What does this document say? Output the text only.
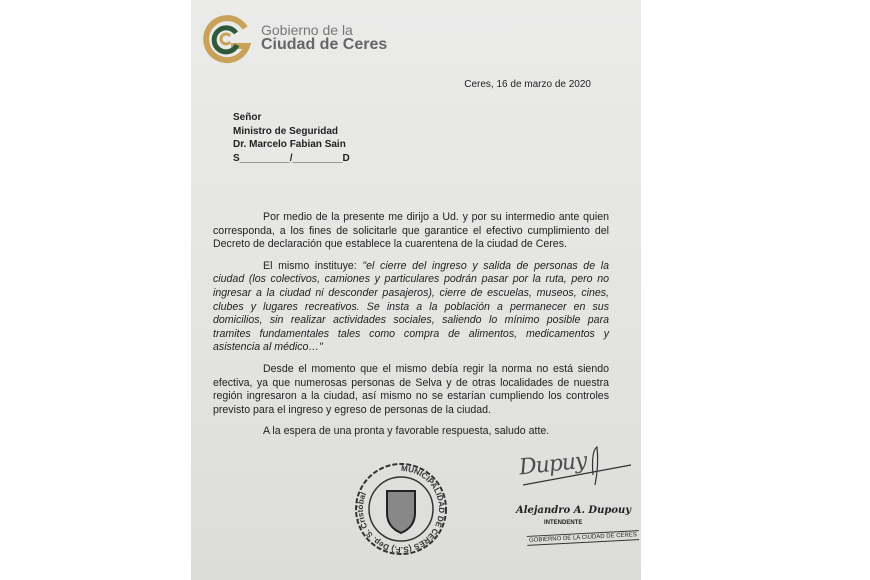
Gobierno de la
Ciudad de Ceres
Ceres, 16 de marzo de 2020
Señor
Ministro de Seguridad
Dr. Marcelo Fabian Sain
S_________/_________D

Por medio de la presente me dirijo a Ud. y por su intermedio ante quien corresponda, a los fines de solicitarle que garantice el efectivo cumplimiento del Decreto de declaración que establece la cuarentena de la ciudad de Ceres.

El mismo instituye: "el cierre del ingreso y salida de personas de la ciudad (los colectivos, camiones y particulares podrán pasar por la ruta, pero no ingresar a la ciudad ni desconder pasajeros), cierre de escuelas, museos, cines, clubes y lugares recreativos. Se insta a la población a permanecer en sus domicilios, sin realizar actividades sociales, saliendo lo mínimo posible para tramites fundamentales tales como compra de alimentos, medicamentos y asistencia al médico…"

Desde el momento que el mismo debía regir la norma no está siendo efectiva, ya que numerosas personas de Selva y de otras localidades de nuestra región ingresaron a la ciudad, así mismo no se estarían cumpliendo los controles previsto para el ingreso y egreso de personas de la ciudad.

A la espera de una pronta y favorable respuesta, saludo atte.

MUNICIPALIDAD DE CERES (S.F.) Dep. S. Cristóbal
Dupuy
Alejandro A. Dupouy
INTENDENTE
GOBIERNO DE LA CIUDAD DE CERES
